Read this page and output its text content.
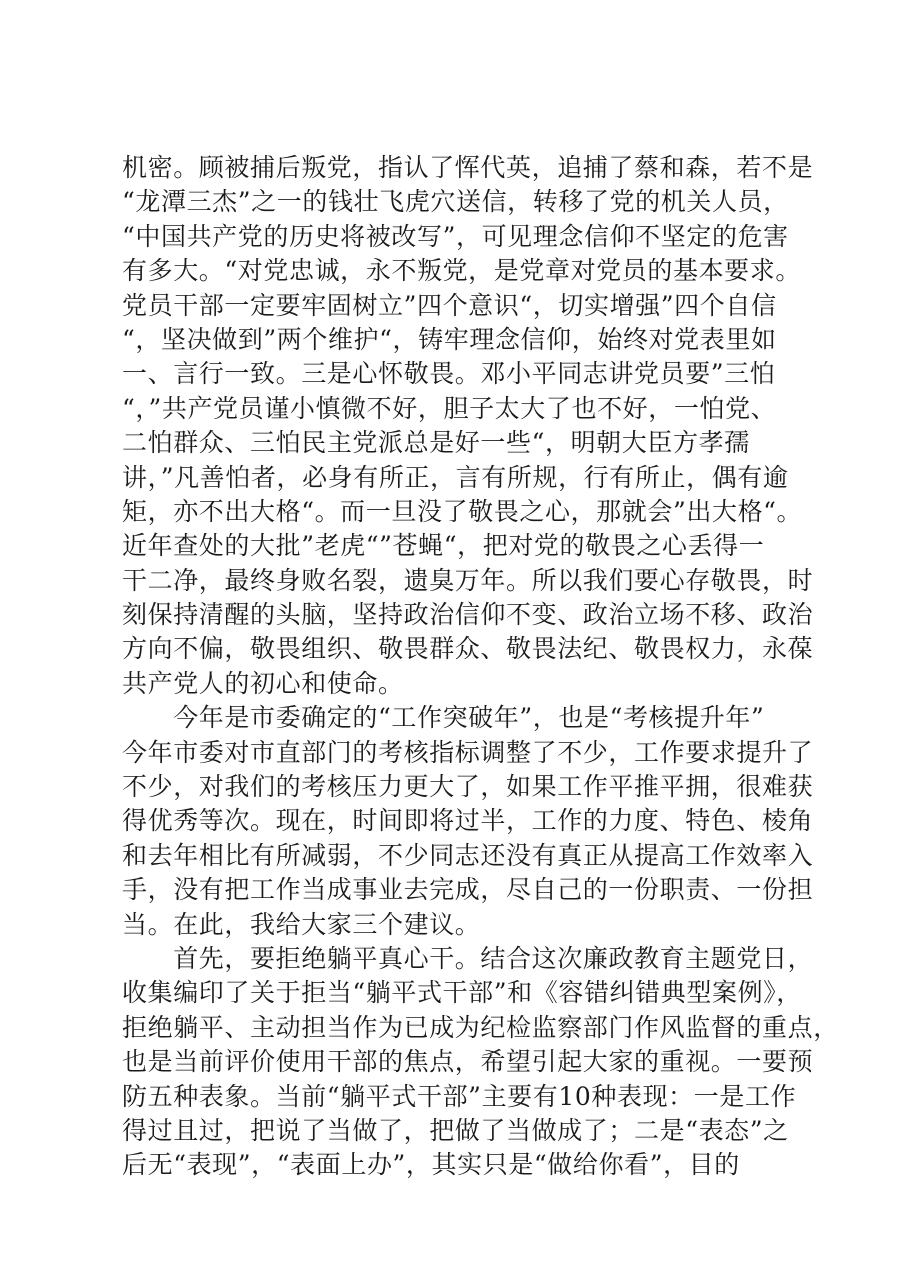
机密。顾被捕后叛党，指认了恽代英，追捕了蔡和森，若不是
“龙潭三杰”之一的钱壮飞虎穴送信，转移了党的机关人员，
“中国共产党的历史将被改写”，可见理念信仰不坚定的危害
有多大。“对党忠诚，永不叛党，是党章对党员的基本要求。
党员干部一定要牢固树立”四个意识“，切实增强”四个自信
“，坚决做到”两个维护“，铸牢理念信仰，始终对党表里如
一、言行一致。三是心怀敬畏。邓小平同志讲党员要”三怕
“，”共产党员谨小慎微不好，胆子太大了也不好，一怕党、
二怕群众、三怕民主党派总是好一些“，明朝大臣方孝孺
讲，”凡善怕者，必身有所正，言有所规，行有所止，偶有逾
矩，亦不出大格“。而一旦没了敬畏之心，那就会”出大格“。
近年查处的大批”老虎“”苍蝇“，把对党的敬畏之心丢得一
干二净，最终身败名裂，遗臭万年。所以我们要心存敬畏，时
刻保持清醒的头脑，坚持政治信仰不变、政治立场不移、政治
方向不偏，敬畏组织、敬畏群众、敬畏法纪、敬畏权力，永葆
共产党人的初心和使命。
　　今年是市委确定的“工作突破年”，也是“考核提升年”
今年市委对市直部门的考核指标调整了不少，工作要求提升了
不少，对我们的考核压力更大了，如果工作平推平拥，很难获
得优秀等次。现在，时间即将过半，工作的力度、特色、棱角
和去年相比有所减弱，不少同志还没有真正从提高工作效率入
手，没有把工作当成事业去完成，尽自己的一份职责、一份担
当。在此，我给大家三个建议。
　　首先，要拒绝躺平真心干。结合这次廉政教育主题党日，
收集编印了关于拒当“躺平式干部”和《容错纠错典型案例》，
拒绝躺平、主动担当作为已成为纪检监察部门作风监督的重点，
也是当前评价使用干部的焦点，希望引起大家的重视。一要预
防五种表象。当前“躺平式干部”主要有10种表现：一是工作
得过且过，把说了当做了，把做了当做成了；二是“表态”之
后无“表现”，“表面上办”，其实只是“做给你看”，目的
